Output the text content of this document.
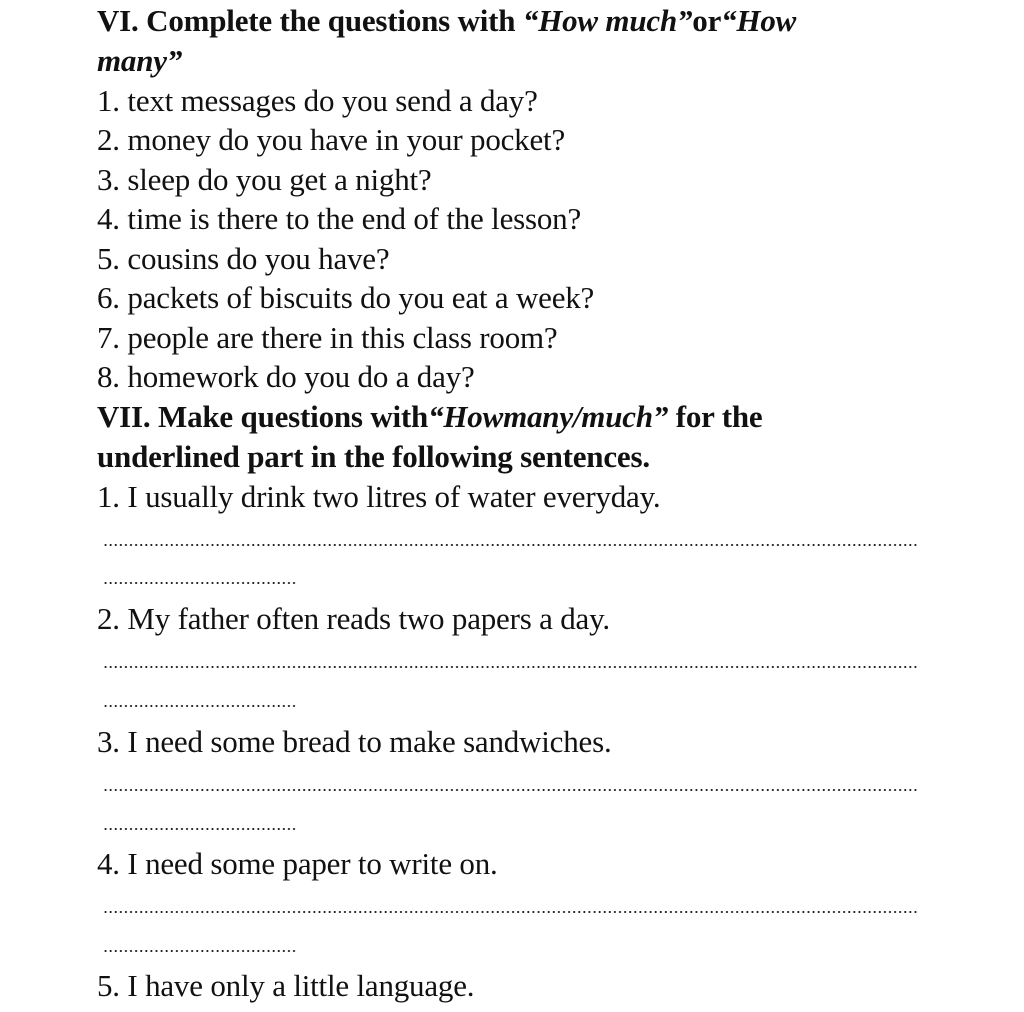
VI. Complete the questions with “How much”or“How
many”
1. text messages do you send a day?
2. money do you have in your pocket?
3. sleep do you get a night?
4. time is there to the end of the lesson?
5. cousins do you have?
6. packets of biscuits do you eat a week?
7. people are there in this class room?
8. homework do you do a day?
VII. Make questions with“Howmany/much” for the
underlined part in the following sentences.
1. I usually drink two litres of water everyday.
2. My father often reads two papers a day.
3. I need some bread to make sandwiches.
4. I need some paper to write on.
5. I have only a little language.
